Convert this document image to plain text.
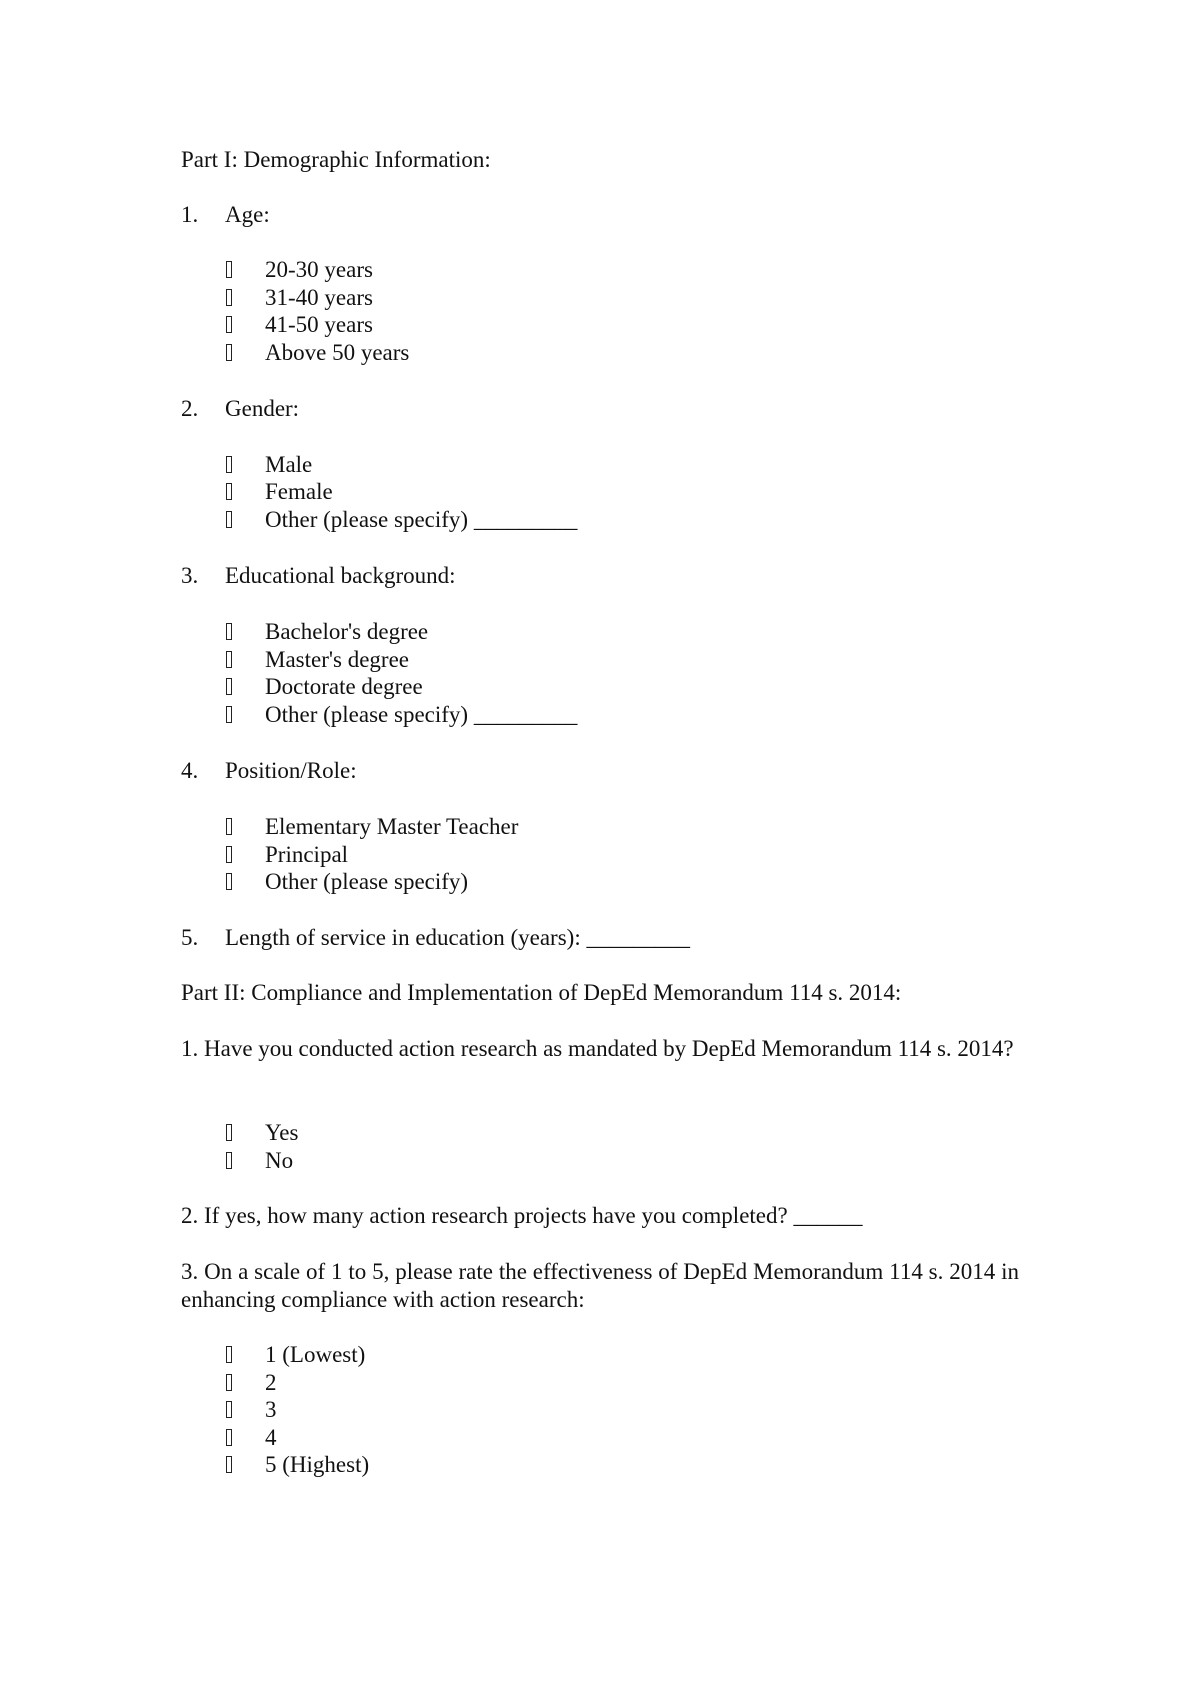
Part I: Demographic Information:
1. Age:
20-30 years
31-40 years
41-50 years
Above 50 years
2. Gender:
Male
Female
Other (please specify) _________
3. Educational background:
Bachelor's degree
Master's degree
Doctorate degree
Other (please specify) _________
4. Position/Role:
Elementary Master Teacher
Principal
Other (please specify)
5. Length of service in education (years): _________
Part II: Compliance and Implementation of DepEd Memorandum 114 s. 2014:
1. Have you conducted action research as mandated by DepEd Memorandum 114 s. 2014?
Yes
No
2. If yes, how many action research projects have you completed? ______
3. On a scale of 1 to 5, please rate the effectiveness of DepEd Memorandum 114 s. 2014 in enhancing compliance with action research:
1 (Lowest)
2
3
4
5 (Highest)
